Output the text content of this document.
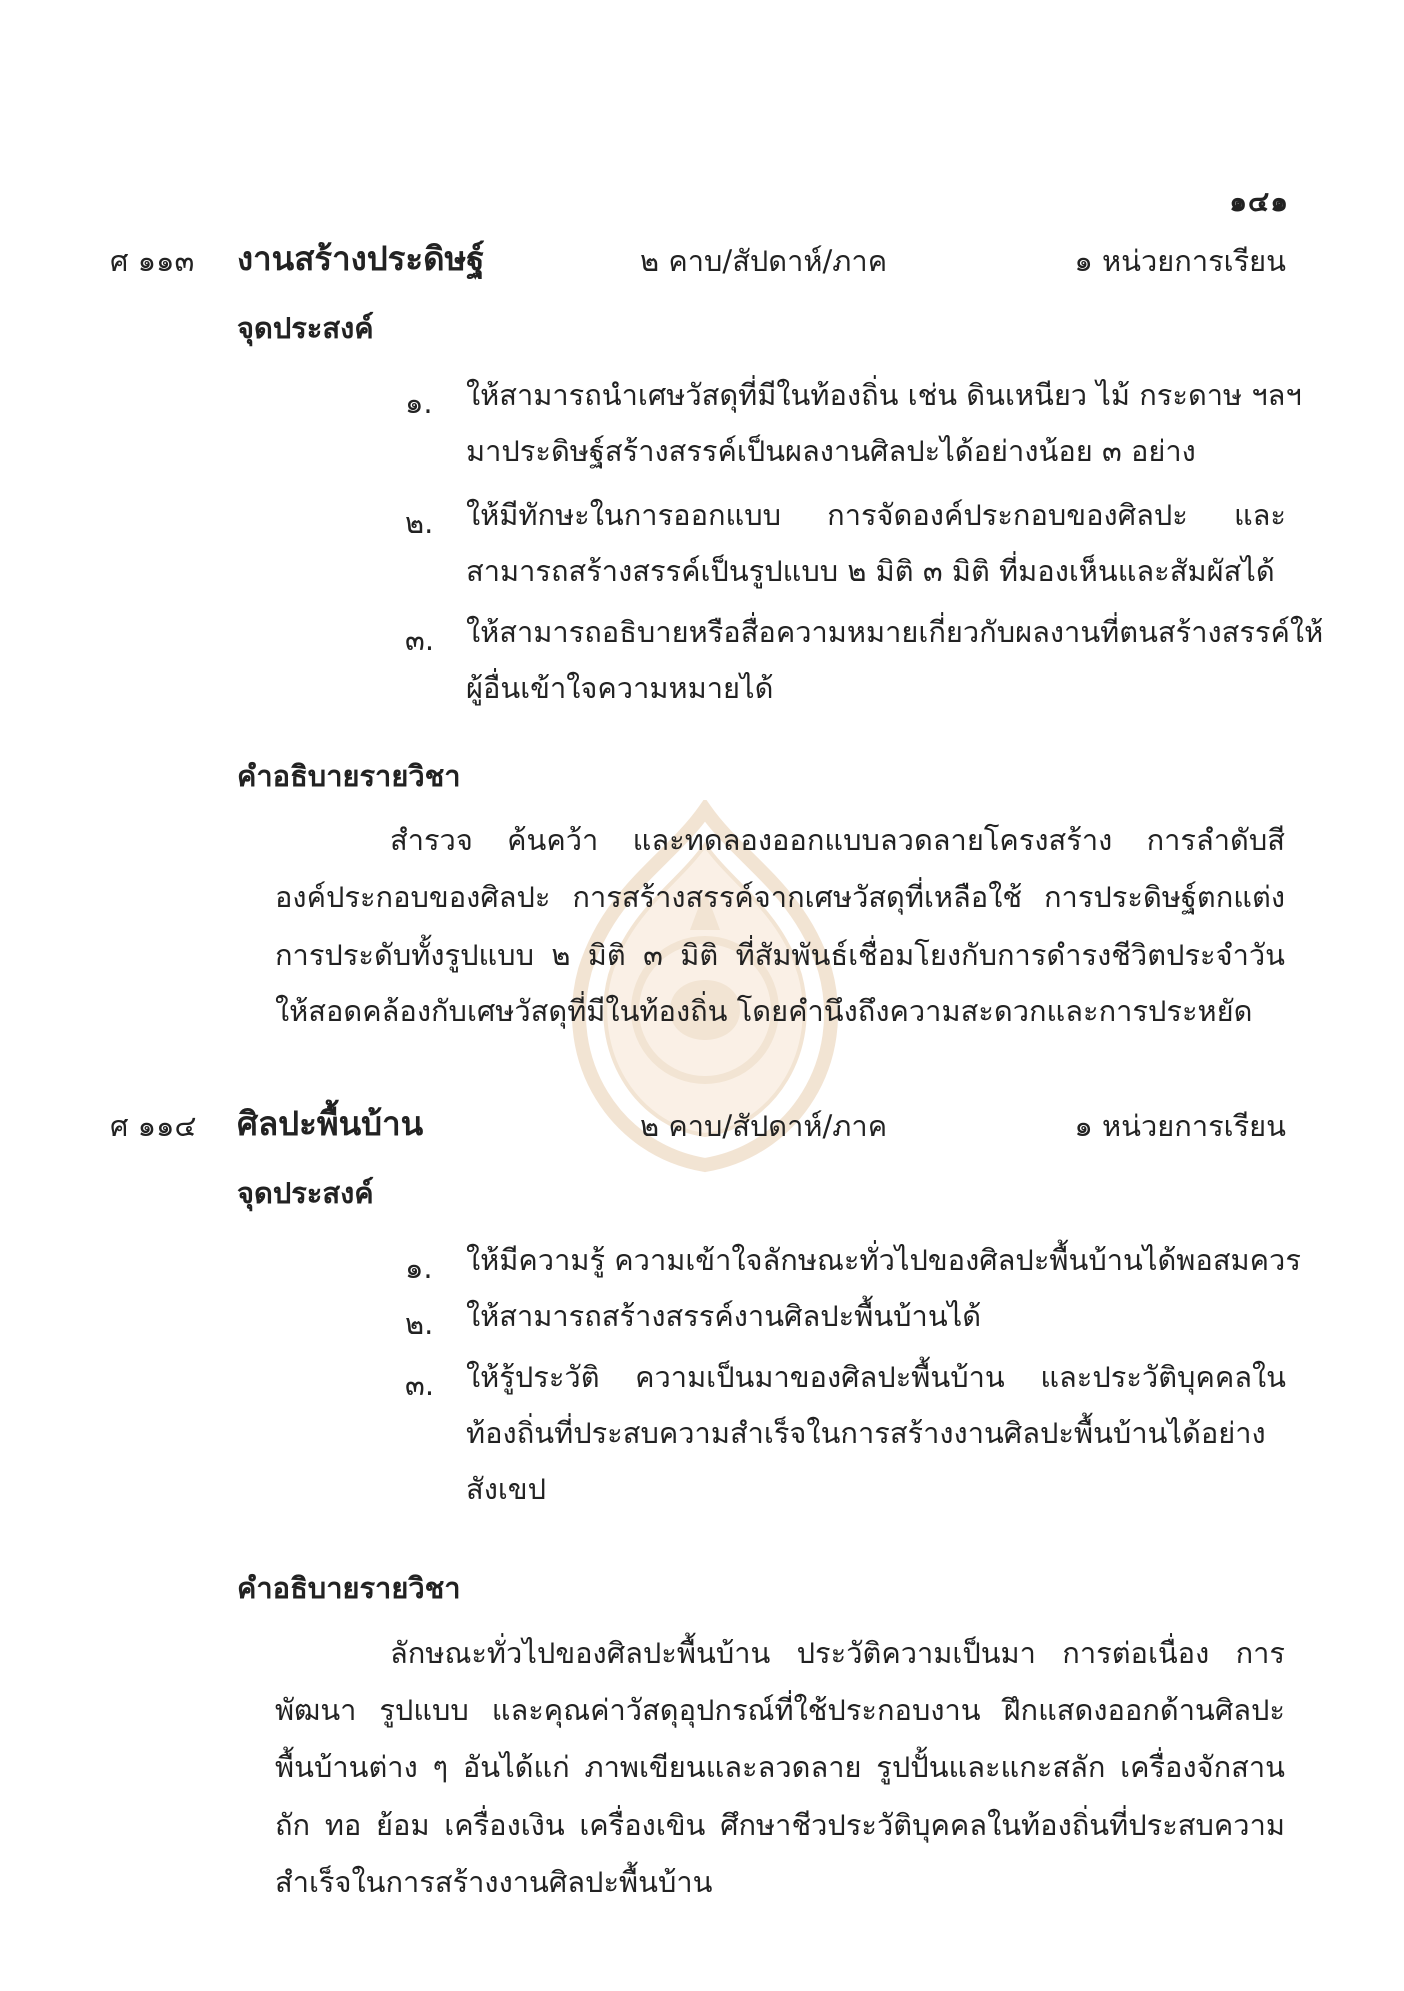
๑๔๑
ศ ๑๑๓ งานสร้างประดิษฐ์	๒ คาบ/สัปดาห์/ภาค	๑ หน่วยการเรียน
จุดประสงค์
๑.	ให้สามารถนำเศษวัสดุที่มีในท้องถิ่น เช่น ดินเหนียว ไม้ กระดาษ ฯลฯ
มาประดิษฐ์สร้างสรรค์เป็นผลงานศิลปะได้อย่างน้อย ๓ อย่าง
๒.	ให้มีทักษะในการออกแบบ การจัดองค์ประกอบของศิลปะ และ
สามารถสร้างสรรค์เป็นรูปแบบ ๒ มิติ ๓ มิติ ที่มองเห็นและสัมผัสได้
๓.	ให้สามารถอธิบายหรือสื่อความหมายเกี่ยวกับผลงานที่ตนสร้างสรรค์ให้
ผู้อื่นเข้าใจความหมายได้
คำอธิบายรายวิชา
สำรวจ ค้นคว้า และทดลองออกแบบลวดลายโครงสร้าง การลำดับสี
องค์ประกอบของศิลปะ การสร้างสรรค์จากเศษวัสดุที่เหลือใช้ การประดิษฐ์ตกแต่ง
การประดับทั้งรูปแบบ ๒ มิติ ๓ มิติ ที่สัมพันธ์เชื่อมโยงกับการดำรงชีวิตประจำวัน
ให้สอดคล้องกับเศษวัสดุที่มีในท้องถิ่น โดยคำนึงถึงความสะดวกและการประหยัด
ศ ๑๑๔ ศิลปะพื้นบ้าน	๒ คาบ/สัปดาห์/ภาค	๑ หน่วยการเรียน
จุดประสงค์
๑.	ให้มีความรู้ ความเข้าใจลักษณะทั่วไปของศิลปะพื้นบ้านได้พอสมควร
๒.	ให้สามารถสร้างสรรค์งานศิลปะพื้นบ้านได้
๓.	ให้รู้ประวัติ ความเป็นมาของศิลปะพื้นบ้าน และประวัติบุคคลใน
ท้องถิ่นที่ประสบความสำเร็จในการสร้างงานศิลปะพื้นบ้านได้อย่าง
สังเขป
คำอธิบายรายวิชา
ลักษณะทั่วไปของศิลปะพื้นบ้าน ประวัติความเป็นมา การต่อเนื่อง การ
พัฒนา รูปแบบ และคุณค่าวัสดุอุปกรณ์ที่ใช้ประกอบงาน ฝึกแสดงออกด้านศิลปะ
พื้นบ้านต่าง ๆ อันได้แก่ ภาพเขียนและลวดลาย รูปปั้นและแกะสลัก เครื่องจักสาน
ถัก ทอ ย้อม เครื่องเงิน เครื่องเขิน ศึกษาชีวประวัติบุคคลในท้องถิ่นที่ประสบความ
สำเร็จในการสร้างงานศิลปะพื้นบ้าน
